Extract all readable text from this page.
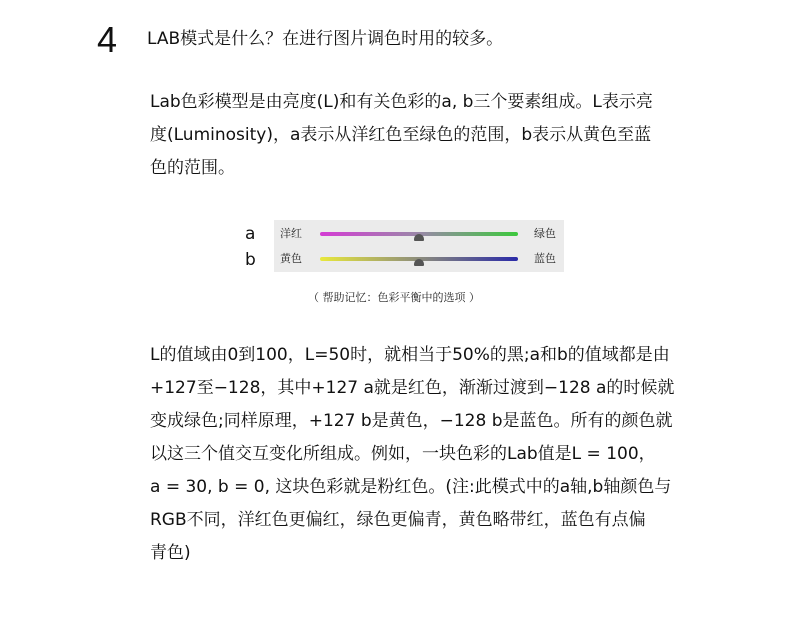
4 LAB模式是什么？在进行图片调色时用的较多。
Lab色彩模型是由亮度(L)和有关色彩的a, b三个要素组成。L表示亮
度(Luminosity)，a表示从洋红色至绿色的范围，b表示从黄色至蓝
色的范围。
a
b
洋红	绿色
黄色	蓝色
（ 帮助记忆：色彩平衡中的选项 ）
L的值域由0到100，L=50时，就相当于50%的黑;a和b的值域都是由
+127至−128，其中+127 a就是红色，渐渐过渡到−128 a的时候就
变成绿色;同样原理，+127 b是黄色，−128 b是蓝色。所有的颜色就
以这三个值交互变化所组成。例如，一块色彩的Lab值是L = 100，
a = 30, b = 0, 这块色彩就是粉红色。(注:此模式中的a轴,b轴颜色与
RGB不同，洋红色更偏红，绿色更偏青，黄色略带红，蓝色有点偏
青色)
